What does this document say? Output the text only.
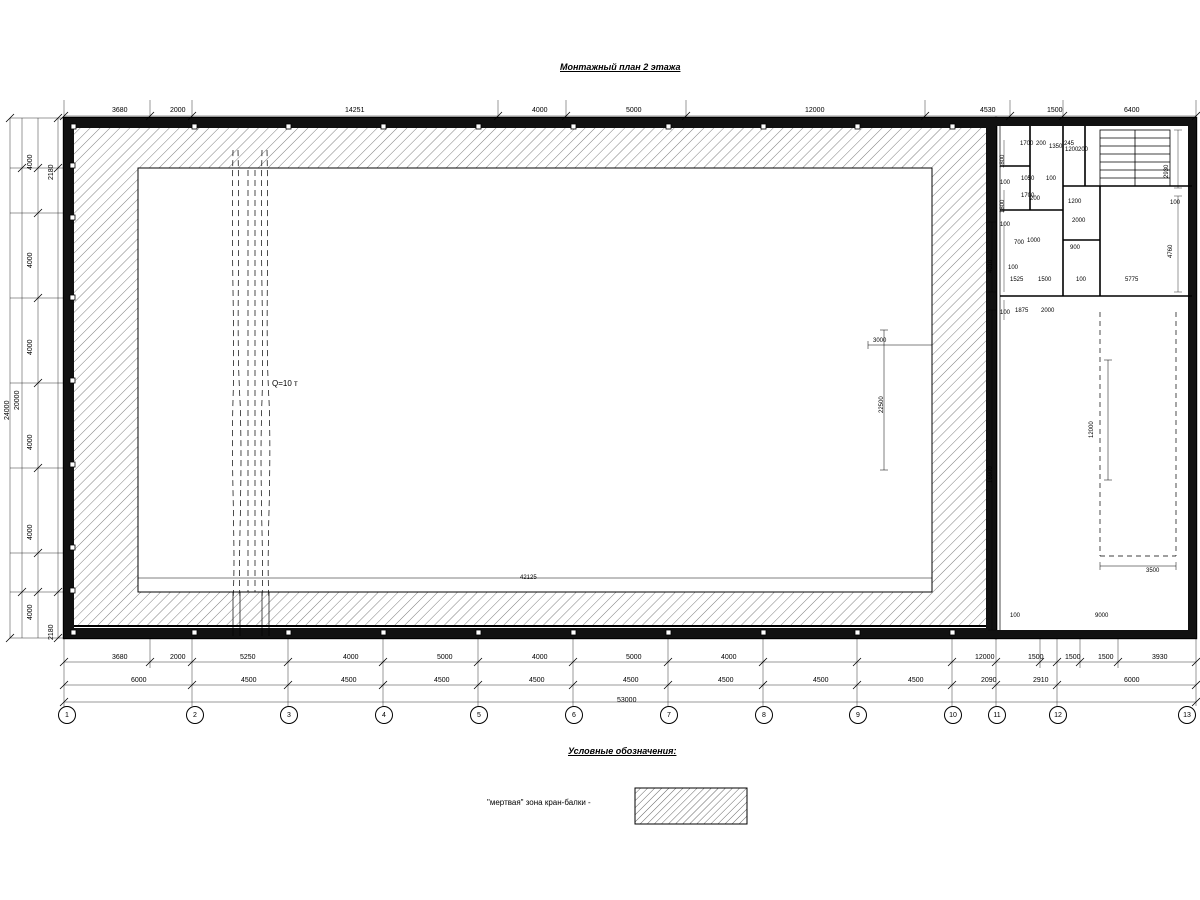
Монтажный план 2 этажа
Q=10 т
3680	2000	14251	4000	5000	12000	4530	1500	6400
3680	2000	5250	4000	5000	4000	5000	4000	12000	1500	1500 1500	3930
6000	4500	4500	4500	4500	4500	4500	4500	4500	2090	2910	6000
2180
4000
4000
4000
20000
24000
4000
4000
4000
2180
53000
3000
22500
42125
16900
4010
1800
1800
100
100
100
100
1050 100
1700 200
1700
200
700 1000
1350 245
1200 200
1200
2000
900
2930
100
4760
1525 1500	100	5775
1875 2000
12000
3500
100	9000
1	2	3	4	5	6	7	8	9	10	11	12	13
Условные обозначения:
"мертвая" зона кран-балки -
